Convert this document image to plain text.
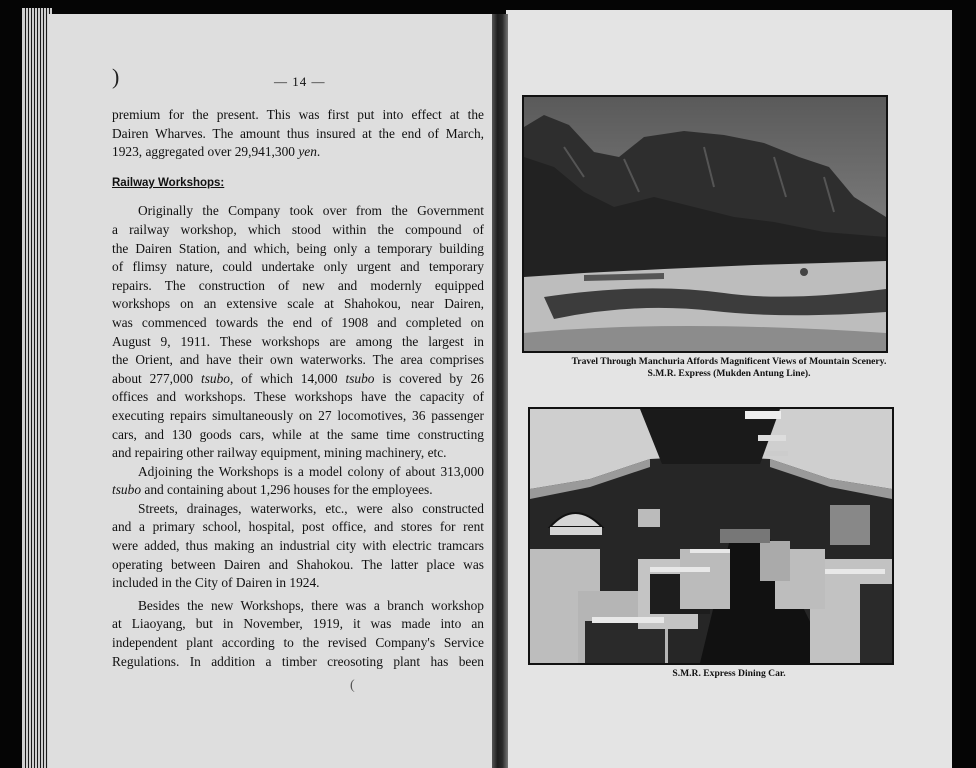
)
(
— 14 —

premium for the present. This was first put into effect at the

Dairen Wharves. The amount thus insured at the end of March,

1923, aggregated over 29,941,300 yen.

Railway Workshops:

Originally the Company took over from the Government

a railway workshop, which stood within the compound of

the Dairen Station, and which, being only a temporary building

of flimsy nature, could undertake only urgent and temporary

repairs. The construction of new and modernly equipped

workshops on an extensive scale at Shahokou, near Dairen,

was commenced towards the end of 1908 and completed on

August 9, 1911. These workshops are among the largest in

the Orient, and have their own waterworks. The area comprises

about 277,000 tsubo, of which 14,000 tsubo is covered by 26

offices and workshops. These workshops have the capacity of

executing repairs simultaneously on 27 locomotives, 36 passenger

cars, and 130 goods cars, while at the same time constructing

and repairing other railway equipment, mining machinery, etc.

Adjoining the Workshops is a model colony of about 313,000

tsubo and containing about 1,296 houses for the employees.

Streets, drainages, waterworks, etc., were also constructed

and a primary school, hospital, post office, and stores for rent

were added, thus making an industrial city with electric tramcars

operating between Dairen and Shahokou. The latter place was

included in the City of Dairen in 1924.

Besides the new Workshops, there was a branch workshop

at Liaoyang, but in November, 1919, it was made into an

independent plant according to the revised Company's Service

Regulations. In addition a timber creosoting plant has been

Travel Through Manchuria Affords Magnificent Views of Mountain Scenery.
S.M.R. Express (Mukden Antung Line).
S.M.R. Express Dining Car.
